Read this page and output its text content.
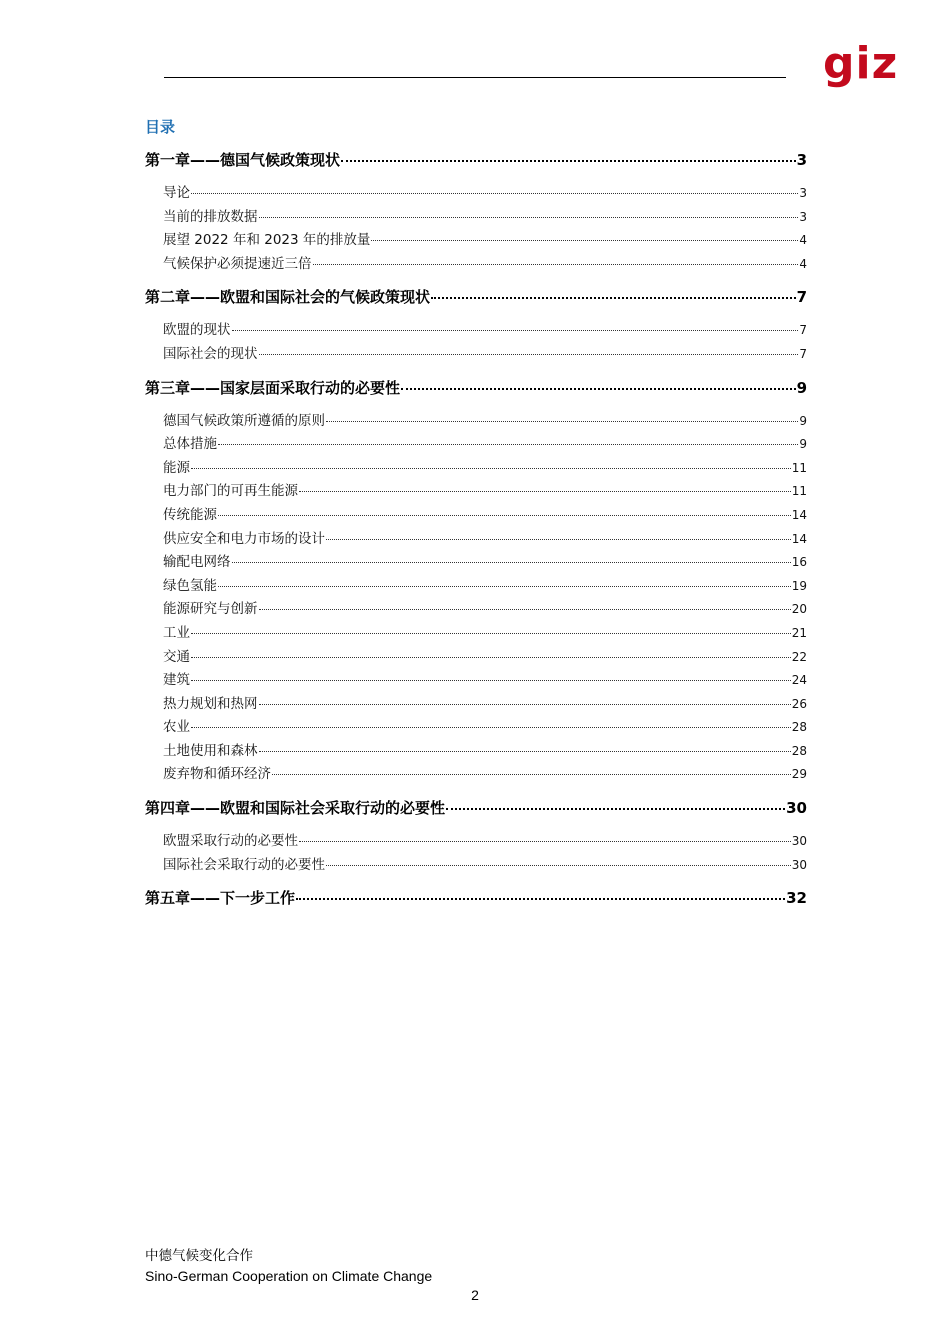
giz
目录
第一章——德国气候政策现状	3
导论	3
当前的排放数据	3
展望 2022 年和 2023 年的排放量	4
气候保护必须提速近三倍	4
第二章——欧盟和国际社会的气候政策现状	7
欧盟的现状	7
国际社会的现状	7
第三章——国家层面采取行动的必要性	9
德国气候政策所遵循的原则	9
总体措施	9
能源	11
电力部门的可再生能源	11
传统能源	14
供应安全和电力市场的设计	14
输配电网络	16
绿色氢能	19
能源研究与创新	20
工业	21
交通	22
建筑	24
热力规划和热网	26
农业	28
土地使用和森林	28
废弃物和循环经济	29
第四章——欧盟和国际社会采取行动的必要性	30
欧盟采取行动的必要性	30
国际社会采取行动的必要性	30
第五章——下一步工作	32
中德气候变化合作
Sino-German Cooperation on Climate Change
2
